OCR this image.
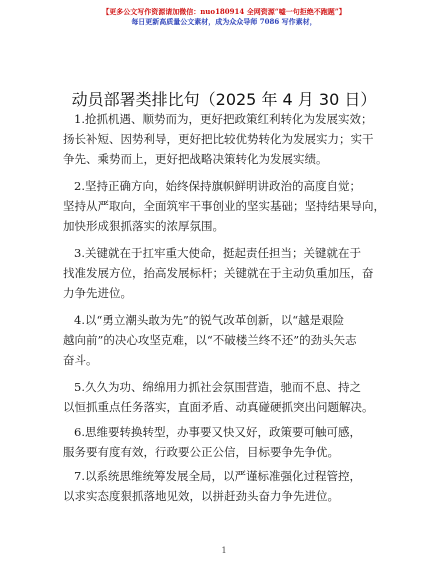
【更多公文写作资源请加微信：nuo180914 全网资源“嘘一句拒绝不跑题”】
每日更新高质量公文素材，成为众众导师 7086 写作素材，
动员部署类排比句（2025 年 4 月 30 日）
1.抢抓机遇、顺势而为，更好把政策红利转化为发展实效；
扬长补短、因势利导，更好把比较优势转化为发展实力；实干
争先、乘势而上，更好把战略决策转化为发展实绩。
2.坚持正确方向，始终保持旗帜鲜明讲政治的高度自觉；
坚持从严取向，全面筑牢干事创业的坚实基础；坚持结果导向，
加快形成狠抓落实的浓厚氛围。
3.关键就在于扛牢重大使命，挺起责任担当；关键就在于
找准发展方位，抬高发展标杆；关键就在于主动负重加压，奋
力争先进位。
4.以“勇立潮头敢为先”的锐气改革创新，以“越是艰险
越向前”的决心攻坚克难，以“不破楼兰终不还”的劲头矢志
奋斗。
5.久久为功、绵绵用力抓社会氛围营造，驰而不息、持之
以恒抓重点任务落实，直面矛盾、动真碰硬抓突出问题解决。
6.思维要转换转型，办事要又快又好，政策要可触可感，
服务要有度有效，行政要公正公信，目标要争先争优。
7.以系统思维统筹发展全局，以严谨标准强化过程管控，
以求实态度狠抓落地见效，以拼赶劲头奋力争先进位。
1
